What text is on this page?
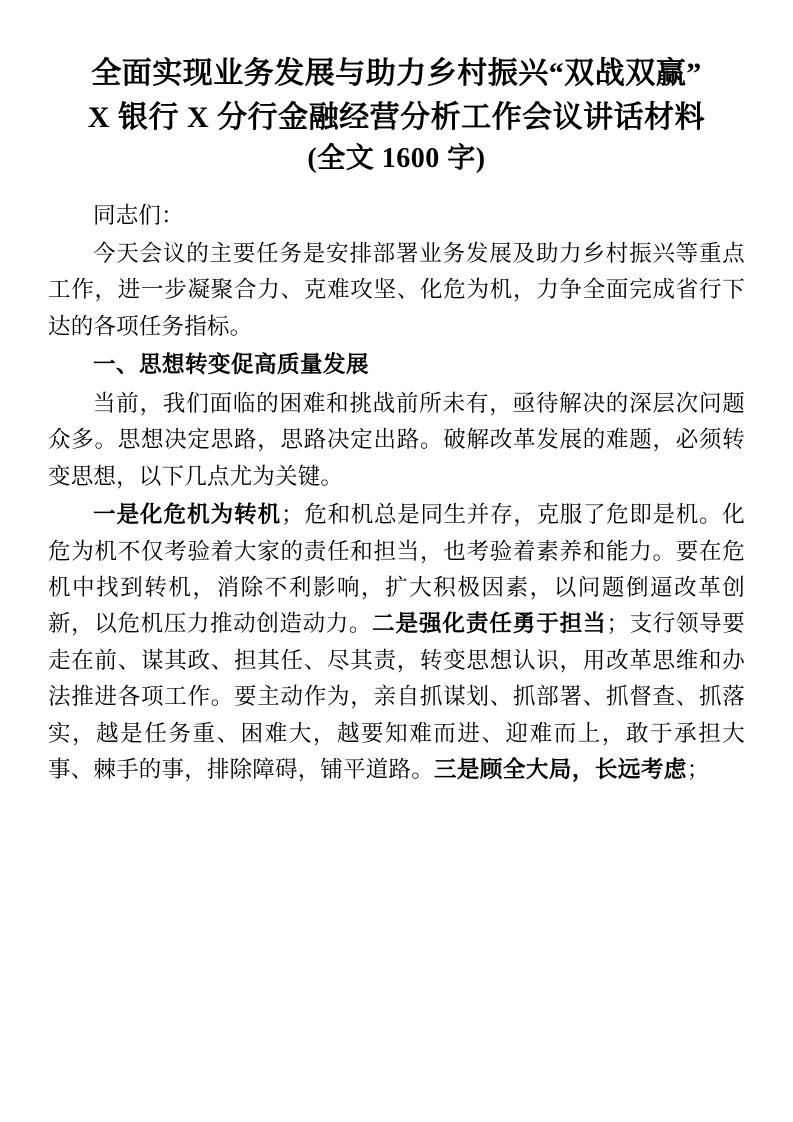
全面实现业务发展与助力乡村振兴“双战双赢”
X 银行 X 分行金融经营分析工作会议讲话材料
(全文 1600 字)

同志们：

今天会议的主要任务是安排部署业务发展及助力乡村振兴等重点工作，进一步凝聚合力、克难攻坚、化危为机，力争全面完成省行下达的各项任务指标。

一、思想转变促高质量发展

当前，我们面临的困难和挑战前所未有，亟待解决的深层次问题众多。思想决定思路，思路决定出路。破解改革发展的难题，必须转变思想，以下几点尤为关键。

一是化危机为转机；危和机总是同生并存，克服了危即是机。化危为机不仅考验着大家的责任和担当，也考验着素养和能力。要在危机中找到转机，消除不利影响，扩大积极因素，以问题倒逼改革创新，以危机压力推动创造动力。二是强化责任勇于担当；支行领导要走在前、谋其政、担其任、尽其责，转变思想认识，用改革思维和办法推进各项工作。要主动作为，亲自抓谋划、抓部署、抓督查、抓落实，越是任务重、困难大，越要知难而进、迎难而上，敢于承担大事、棘手的事，排除障碍，铺平道路。三是顾全大局，长远考虑；
